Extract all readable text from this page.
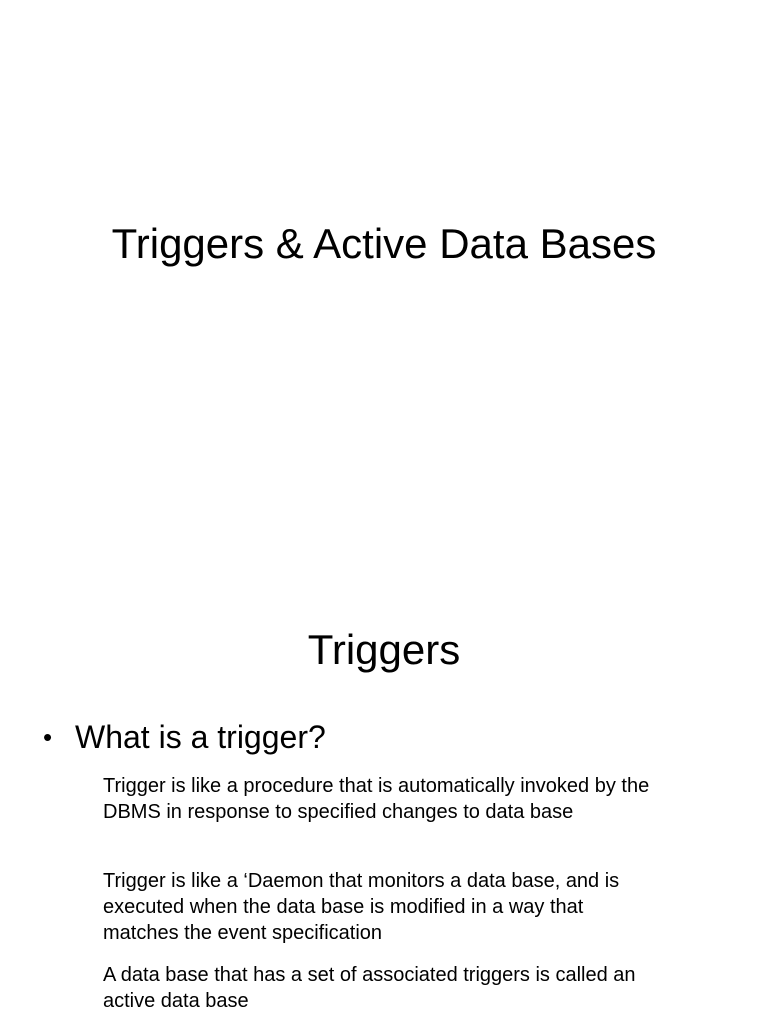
Triggers & Active Data Bases
Triggers
• What is a trigger?

Trigger is like a procedure that is automatically invoked by the DBMS in response to specified changes to data base

Trigger is like a ‘Daemon that monitors a data base, and is executed when the data base is modified in a way that matches the event specification

A data base that has a set of associated triggers is called an active data base
